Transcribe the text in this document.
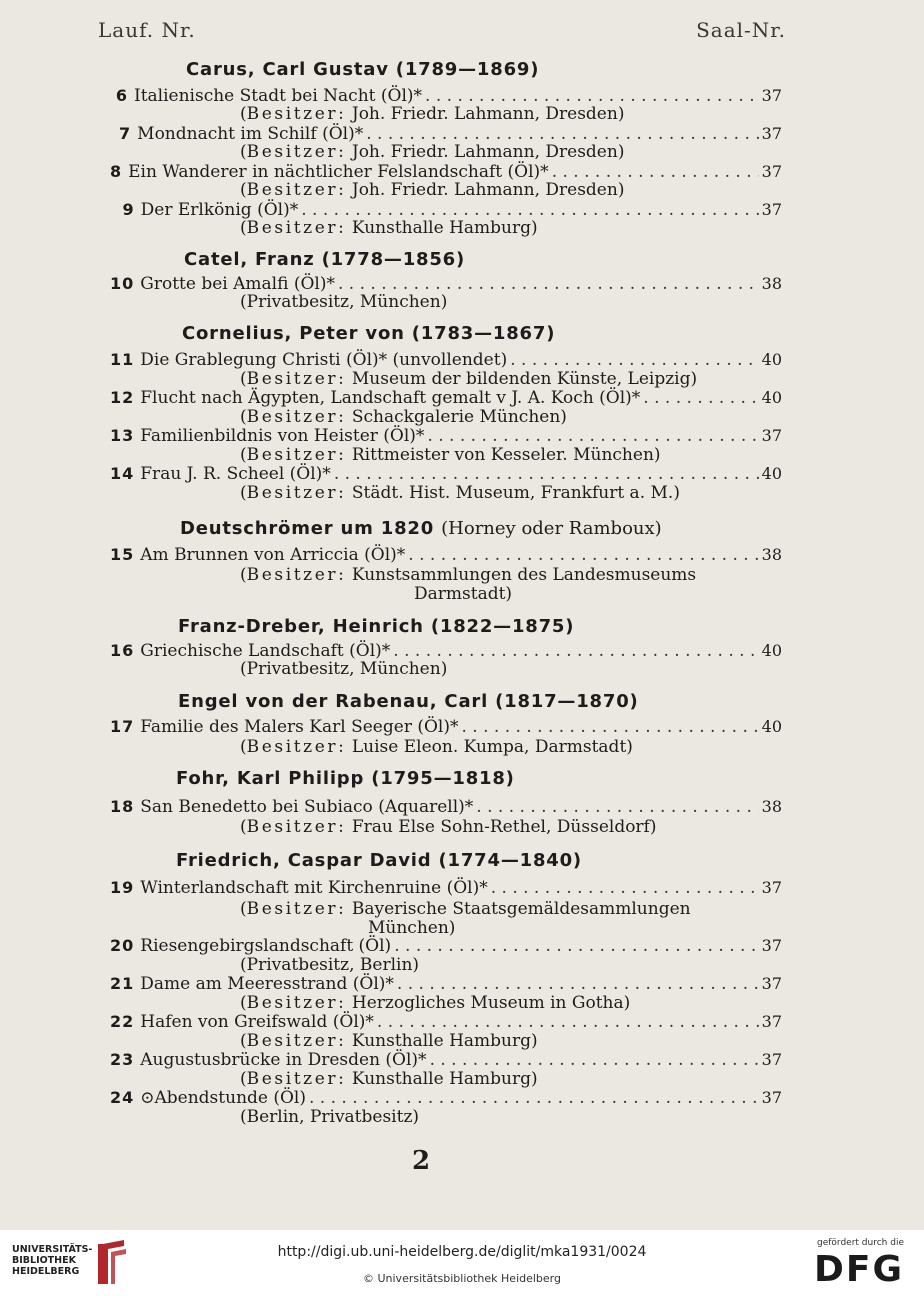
Lauf. Nr.	Saal-Nr.
Carus, Carl Gustav (1789—1869)
6 Italienische Stadt bei Nacht (Öl)* . . .	37
(Besitzer: Joh. Friedr. Lahmann, Dresden)
7 Mondnacht im Schilf (Öl)* . . .	37
(Besitzer: Joh. Friedr. Lahmann, Dresden)
8 Ein Wanderer in nächtlicher Felslandschaft (Öl)* . . .	37
(Besitzer: Joh. Friedr. Lahmann, Dresden)
9 Der Erlkönig (Öl)* . . .	37
(Besitzer: Kunsthalle Hamburg)
Catel, Franz (1778—1856)
10 Grotte bei Amalfi (Öl)* . . .	38
(Privatbesitz, München)
Cornelius, Peter von (1783—1867)
11 Die Grablegung Christi (Öl)* (unvollendet) . . .	40
(Besitzer: Museum der bildenden Künste, Leipzig)
12 Flucht nach Ägypten, Landschaft gemalt v J. A. Koch (Öl)* . . .	40
(Besitzer: Schackgalerie München)
13 Familienbildnis von Heister (Öl)* . . .	37
(Besitzer: Rittmeister von Kesseler. München)
14 Frau J. R. Scheel (Öl)* . . .	40
(Besitzer: Städt. Hist. Museum, Frankfurt a. M.)
Deutschrömer um 1820 (Horney oder Ramboux)
15 Am Brunnen von Arriccia (Öl)* . . .	38
(Besitzer: Kunstsammlungen des Landesmuseums
Darmstadt)
Franz-Dreber, Heinrich (1822—1875)
16 Griechische Landschaft (Öl)* . . .	40
(Privatbesitz, München)
Engel von der Rabenau, Carl (1817—1870)
17 Familie des Malers Karl Seeger (Öl)* . . .	40
(Besitzer: Luise Eleon. Kumpa, Darmstadt)
Fohr, Karl Philipp (1795—1818)
18 San Benedetto bei Subiaco (Aquarell)* . . .	38
(Besitzer: Frau Else Sohn-Rethel, Düsseldorf)
Friedrich, Caspar David (1774—1840)
19 Winterlandschaft mit Kirchenruine (Öl)* . . .	37
(Besitzer: Bayerische Staatsgemäldesammlungen
München)
20 Riesengebirgslandschaft (Öl) . . .	37
(Privatbesitz, Berlin)
21 Dame am Meeresstrand (Öl)* . . .	37
(Besitzer: Herzogliches Museum in Gotha)
22 Hafen von Greifswald (Öl)* . . .	37
(Besitzer: Kunsthalle Hamburg)
23 Augustusbrücke in Dresden (Öl)* . . .	37
(Besitzer: Kunsthalle Hamburg)
24 ⊙Abendstunde (Öl) . . .	37
(Berlin, Privatbesitz)
2
UNIVERSITÄTS-
BIBLIOTHEK
HEIDELBERG
http://digi.ub.uni-heidelberg.de/diglit/mka1931/0024
© Universitätsbibliothek Heidelberg
gefördert durch die
DFG
